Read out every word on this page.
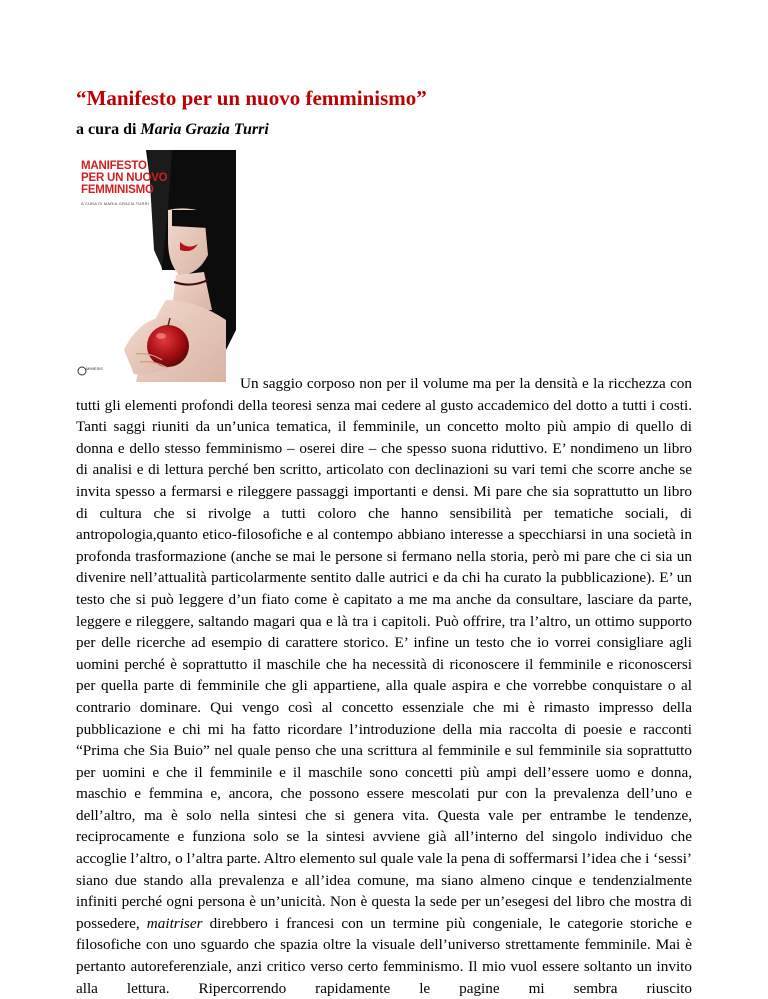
“Manifesto per un nuovo femminismo”
a cura di Maria Grazia Turri
MANIFESTO
PER UN NUOVO
FEMMINISMO
A CURA DI MARIA GRAZIA TURRI
MIMESIS
Un saggio corposo non per il volume ma per la densità e la ricchezza con tutti gli elementi profondi della teoresi senza mai cedere al gusto accademico del dotto a tutti i costi. Tanti saggi riuniti da un’unica tematica, il femminile, un concetto molto più ampio di quello di donna e dello stesso femminismo – oserei dire – che spesso suona riduttivo. E’ nondimeno un libro di analisi e di lettura perché ben scritto, articolato con declinazioni su vari temi che scorre anche se invita spesso a fermarsi e rileggere passaggi importanti e densi. Mi pare che sia soprattutto un libro di cultura che si rivolge a tutti coloro che hanno sensibilità per tematiche sociali, di antropologia,quanto etico-filosofiche e al contempo abbiano interesse a specchiarsi in una società in profonda trasformazione (anche se mai le persone si fermano nella storia, però mi pare che ci sia un divenire nell’attualità particolarmente sentito dalle autrici e da chi ha curato la pubblicazione). E’ un testo che si può leggere d’un fiato come è capitato a me ma anche da consultare, lasciare da parte, leggere e rileggere, saltando magari qua e là tra i capitoli. Può offrire, tra l’altro, un ottimo supporto per delle ricerche ad esempio di carattere storico. E’ infine un testo che io vorrei consigliare agli uomini perché è soprattutto il maschile che ha necessità di riconoscere il femminile e riconoscersi per quella parte di femminile che gli appartiene, alla quale aspira e che vorrebbe conquistare o al contrario dominare. Qui vengo così al concetto essenziale che mi è rimasto impresso della pubblicazione e chi mi ha fatto ricordare l’introduzione della mia raccolta di poesie e racconti “Prima che Sia Buio” nel quale penso che una scrittura al femminile e sul femminile sia soprattutto per uomini e che il femminile e il maschile sono concetti più ampi dell’essere uomo e donna, maschio e femmina e, ancora, che possono essere mescolati pur con la prevalenza dell’uno e dell’altro, ma è solo nella sintesi che si genera vita. Questa vale per entrambe le tendenze, reciprocamente e funziona solo se la sintesi avviene già all’interno del singolo individuo che accoglie l’altro, o l’altra parte. Altro elemento sul quale vale la pena di soffermarsi l’idea che i ‘sessi’ siano due stando alla prevalenza e all’idea comune, ma siano almeno cinque e tendenzialmente infiniti perché ogni persona è un’unicità. Non è questa la sede per un’esegesi del libro che mostra di possedere, maitriser direbbero i francesi con un termine più congeniale, le categorie storiche e filosofiche con uno sguardo che spazia oltre la visuale dell’universo strettamente femminile. Mai è pertanto autoreferenziale, anzi critico verso certo femminismo. Il mio vuol essere soltanto un invito alla lettura. Ripercorrendo rapidamente le pagine mi sembra riuscito
